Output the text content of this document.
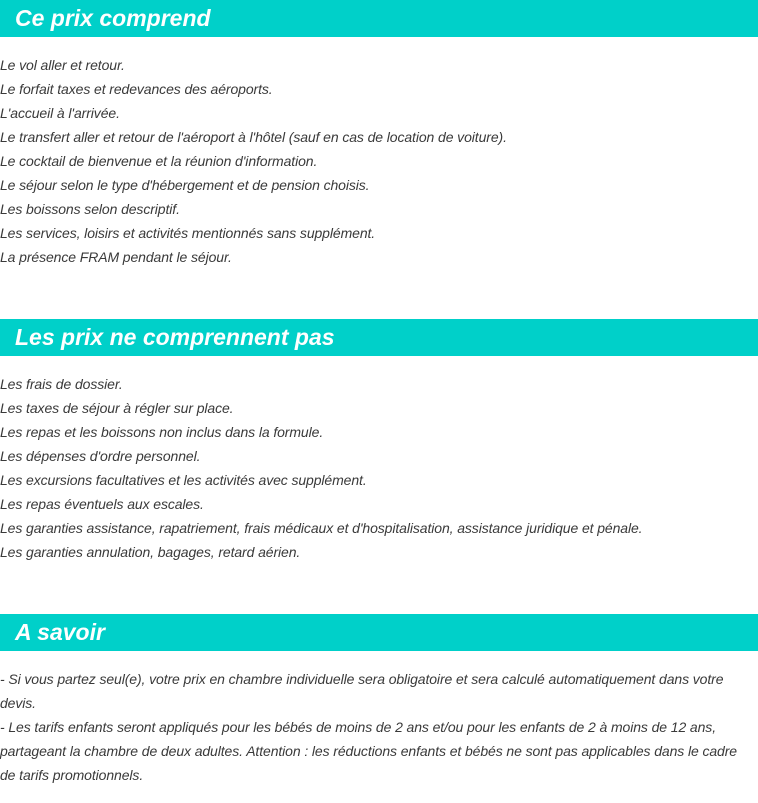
Ce prix comprend
Le vol aller et retour.
Le forfait taxes et redevances des aéroports.
L'accueil à l'arrivée.
Le transfert aller et retour de l'aéroport à l'hôtel (sauf en cas de location de voiture).
Le cocktail de bienvenue et la réunion d'information.
Le séjour selon le type d'hébergement et de pension choisis.
Les boissons selon descriptif.
Les services, loisirs et activités mentionnés sans supplément.
La présence FRAM pendant le séjour.
Les prix ne comprennent pas
Les frais de dossier.
Les taxes de séjour à régler sur place.
Les repas et les boissons non inclus dans la formule.
Les dépenses d'ordre personnel.
Les excursions facultatives et les activités avec supplément.
Les repas éventuels aux escales.
Les garanties assistance, rapatriement, frais médicaux et d'hospitalisation, assistance juridique et pénale.
Les garanties annulation, bagages, retard aérien.
A savoir

- Si vous partez seul(e), votre prix en chambre individuelle sera obligatoire et sera calculé automatiquement dans votre devis.

- Les tarifs enfants seront appliqués pour les bébés de moins de 2 ans et/ou pour les enfants de 2 à moins de 12 ans, partageant la chambre de deux adultes. Attention : les réductions enfants et bébés ne sont pas applicables dans le cadre de tarifs promotionnels.
